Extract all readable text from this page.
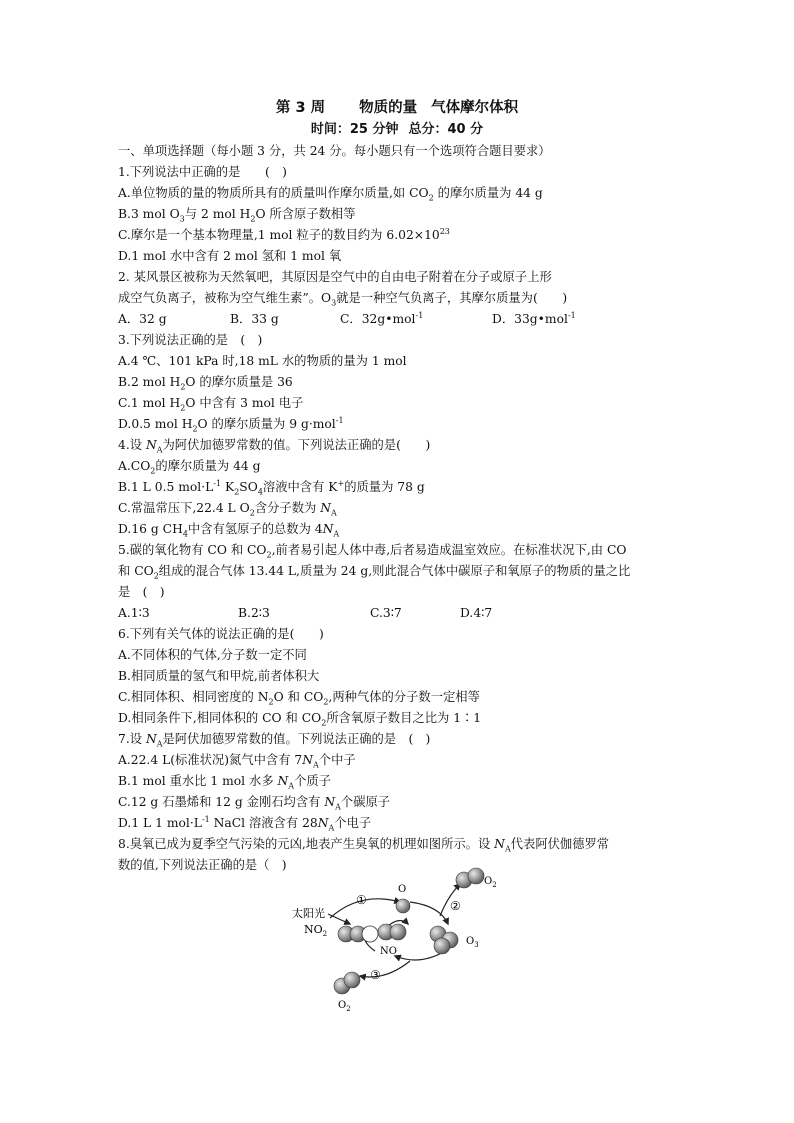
第 3 周 物质的量 气体摩尔体积
时间：25 分钟 总分：40 分
一、单项选择题（每小题 3 分，共 24 分。每小题只有一个选项符合题目要求）
1.下列说法中正确的是　　(　)
A.单位物质的量的物质所具有的质量叫作摩尔质量,如 $CO_2$ 的摩尔质量为 44 g
B.3 mol $O_3$与 2 mol $H_2O$ 所含原子数相等
C.摩尔是一个基本物理量,1 mol 粒子的数目约为 $6.02\times 10^{23}$
D.1 mol 水中含有 2 mol 氢和 1 mol 氧
2. 某风景区被称为天然氧吧，其原因是空气中的自由电子附着在分子或原子上形
成空气负离子，被称为空气维生素”。$O_3$就是一种空气负离子，其摩尔质量为(　　)
A．32 g	B．33 g	C．32g•mol$^{-1}$	D．33g•mol$^{-1}$
3.下列说法正确的是　(　)
A.4 ℃、101 kPa 时,18 mL 水的物质的量为 1 mol
B.2 mol $H_2O$ 的摩尔质量是 36
C.1 mol $H_2O$ 中含有 3 mol 电子
D.0.5 mol $H_2O$ 的摩尔质量为 9 g·mol$^{-1}$
4.设 $N_A$为阿伏加德罗常数的值。下列说法正确的是(　　)
$A.CO_2$的摩尔质量为 44 g
B.1 L 0.5 $mol\cdot L^{-1}$ $K_2SO_4$溶液中含有 K+的质量为 78 g
C.常温常压下,22.4 L $O_2$含分子数为 $N_A$
D.16 g $CH_4$中含有氢原子的总数为 $4N_A$
5.碳的氧化物有 CO 和 $CO_2$,前者易引起人体中毒,后者易造成温室效应。在标准状况下,由 CO
和 $CO_2$组成的混合气体 13.44 L,质量为 24 g,则此混合气体中碳原子和氧原子的物质的量之比
是　(　)
A.1∶3	B.2∶3	C.3∶7	D.4∶7
6.下列有关气体的说法正确的是(　　)
A.不同体积的气体,分子数一定不同
B.相同质量的氢气和甲烷,前者体积大
C.相同体积、相同密度的 $N_2O$ 和 $CO_2$,两种气体的分子数一定相等
D.相同条件下,相同体积的 CO 和 $CO_2$所含氧原子数目之比为 1∶1
7.设 $N_A$是阿伏加德罗常数的值。下列说法正确的是　(　)
A.22.4 L(标准状况)氮气中含有 $7N_A$个中子
B.1 mol 重水比 1 mol 水多 $N_A$个质子
C.12 g 石墨烯和 12 g 金刚石均含有 $N_A$个碳原子
D.1 L 1 $mol\cdot L^{-1}$ NaCl 溶液含有 $28N_A$个电子
8.臭氧已成为夏季空气污染的元凶,地表产生臭氧的机理如图所示。设 $N_A$代表阿伏伽德罗常
数的值,下列说法正确的是（　)
太阳光
$NO_2$
①
O
②
$O_2$
$O_3$
NO
③
$O_2$
